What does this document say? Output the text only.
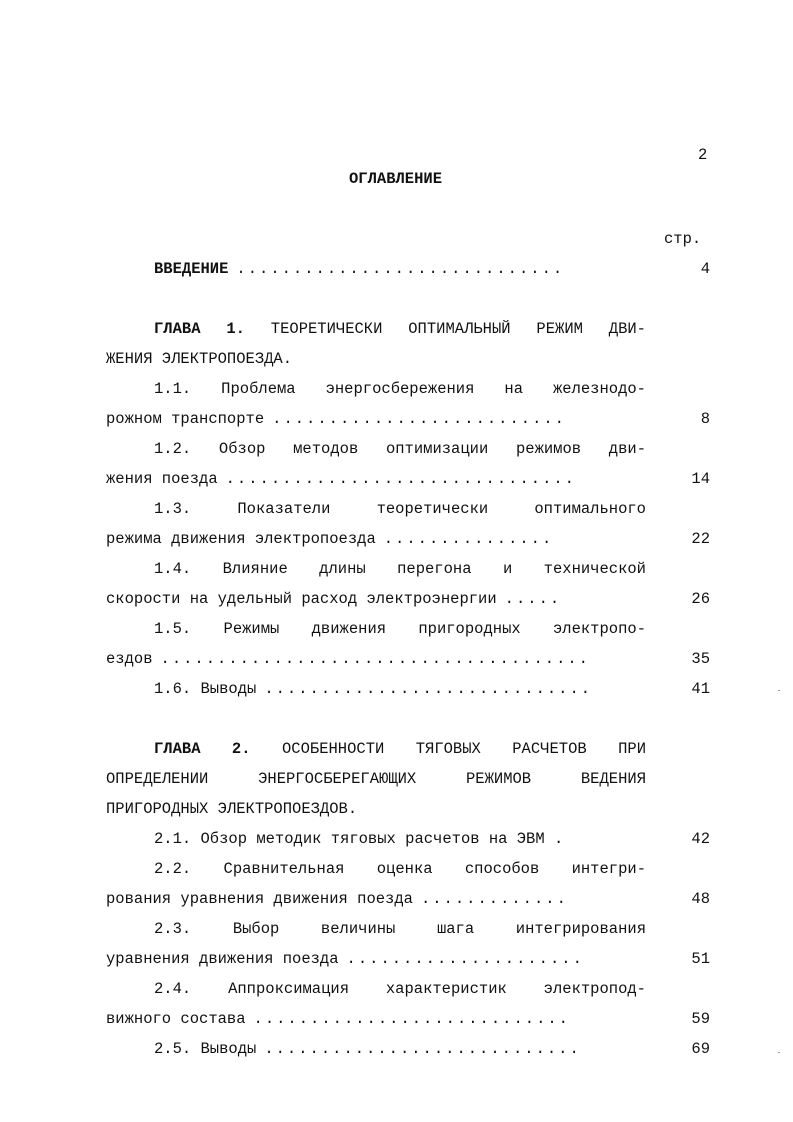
2
ОГЛАВЛЕНИЕ
стр.
ВВЕДЕНИЕ .............................	4
ГЛАВА 1. ТЕОРЕТИЧЕСКИ ОПТИМАЛЬНЫЙ РЕЖИМ ДВИ-
ЖЕНИЯ ЭЛЕКТРОПОЕЗДА.
1.1. Проблема энергосбережения на железнодо-
рожном транспорте ..........................	8
1.2. Обзор методов оптимизации режимов дви-
жения поезда ...............................	14
1.3. Показатели теоретически оптимального
режима движения электропоезда ...............	22
1.4. Влияние длины перегона и технической
скорости на удельный расход электроэнергии .....	26
1.5. Режимы движения пригородных электропо-
ездов ......................................	35
1.6. Выводы .............................	41
ГЛАВА 2. ОСОБЕННОСТИ ТЯГОВЫХ РАСЧЕТОВ ПРИ
ОПРЕДЕЛЕНИИ ЭНЕРГОСБЕРЕГАЮЩИХ РЕЖИМОВ ВЕДЕНИЯ
ПРИГОРОДНЫХ ЭЛЕКТРОПОЕЗДОВ.
2.1. Обзор методик тяговых расчетов на ЭВМ .	42
2.2. Сравнительная оценка способов интегри-
рования уравнения движения поезда .............	48
2.3. Выбор величины шага интегрирования
уравнения движения поезда .....................	51
2.4. Аппроксимация характеристик электропод-
вижного состава ............................	59
2.5. Выводы ............................	69
